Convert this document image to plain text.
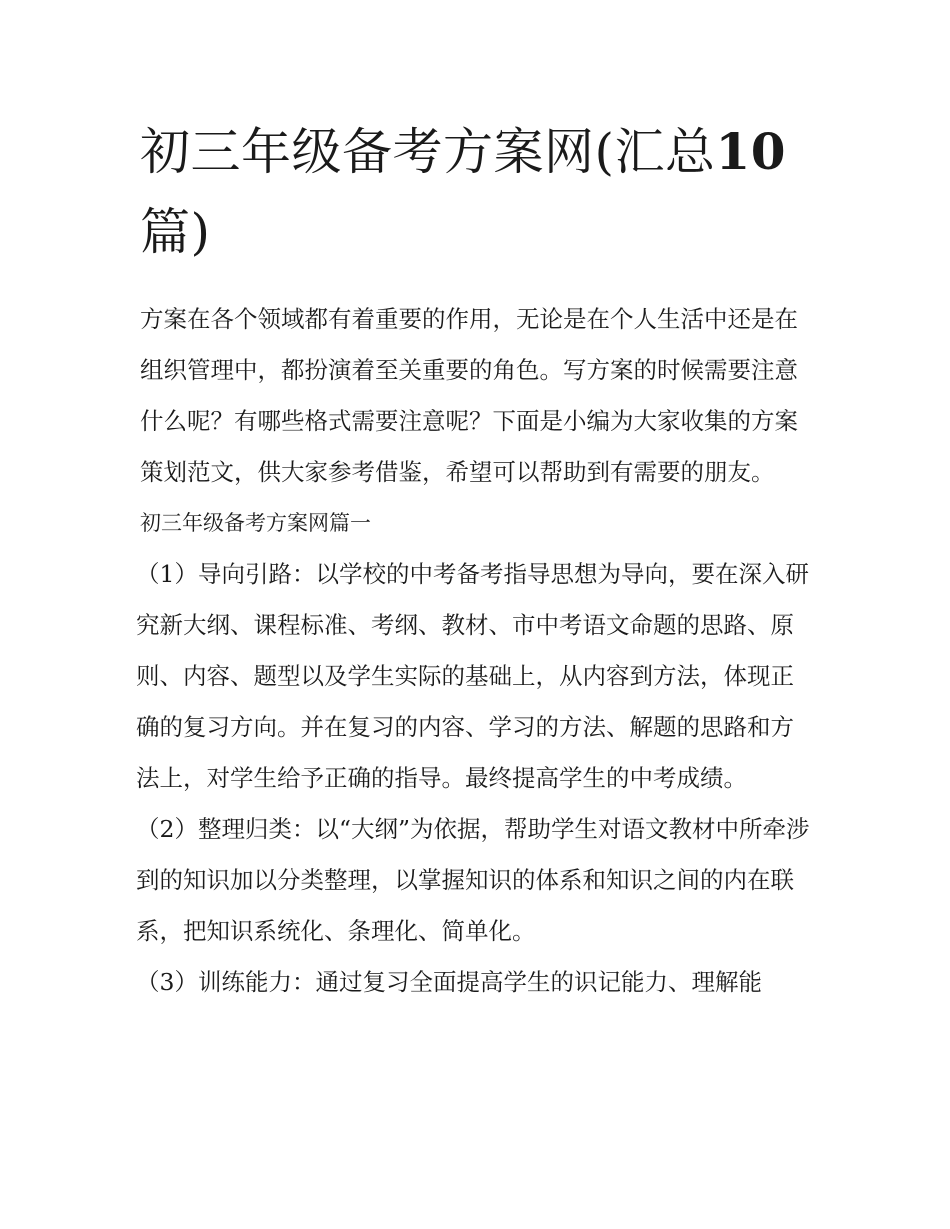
初三年级备考方案网(汇总10
篇)

方案在各个领域都有着重要的作用，无论是在个人生活中还是在组织管理中，都扮演着至关重要的角色。写方案的时候需要注意什么呢？有哪些格式需要注意呢？下面是小编为大家收集的方案策划范文，供大家参考借鉴，希望可以帮助到有需要的朋友。

初三年级备考方案网篇一

（1）导向引路：以学校的中考备考指导思想为导向，要在深入研究新大纲、课程标准、考纲、教材、市中考语文命题的思路、原则、内容、题型以及学生实际的基础上，从内容到方法，体现正确的复习方向。并在复习的内容、学习的方法、解题的思路和方法上，对学生给予正确的指导。最终提高学生的中考成绩。

（2）整理归类：以“大纲”为依据，帮助学生对语文教材中所牵涉到的知识加以分类整理，以掌握知识的体系和知识之间的内在联系，把知识系统化、条理化、简单化。

（3）训练能力：通过复习全面提高学生的识记能力、理解能
